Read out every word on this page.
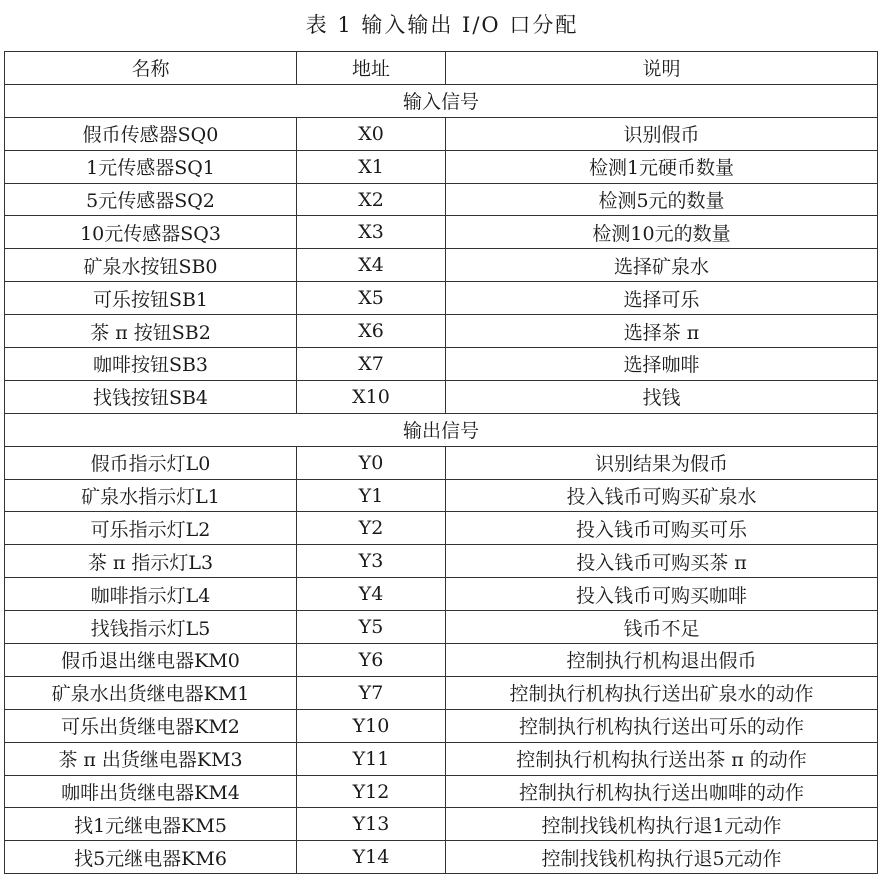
表 1 输入输出 I/O 口分配
名称	地址	说明
输入信号		
假币传感器SQ0	X0	识别假币
1元传感器SQ1	X1	检测1元硬币数量
5元传感器SQ2	X2	检测5元的数量
10元传感器SQ3	X3	检测10元的数量
矿泉水按钮SB0	X4	选择矿泉水
可乐按钮SB1	X5	选择可乐
茶 π 按钮SB2	X6	选择茶 π
咖啡按钮SB3	X7	选择咖啡
找钱按钮SB4	X10	找钱
输出信号		
假币指示灯L0	Y0	识别结果为假币
矿泉水指示灯L1	Y1	投入钱币可购买矿泉水
可乐指示灯L2	Y2	投入钱币可购买可乐
茶 π 指示灯L3	Y3	投入钱币可购买茶 π
咖啡指示灯L4	Y4	投入钱币可购买咖啡
找钱指示灯L5	Y5	钱币不足
假币退出继电器KM0	Y6	控制执行机构退出假币
矿泉水出货继电器KM1	Y7	控制执行机构执行送出矿泉水的动作
可乐出货继电器KM2	Y10	控制执行机构执行送出可乐的动作
茶 π 出货继电器KM3	Y11	控制执行机构执行送出茶 π 的动作
咖啡出货继电器KM4	Y12	控制执行机构执行送出咖啡的动作
找1元继电器KM5	Y13	控制找钱机构执行退1元动作
找5元继电器KM6	Y14	控制找钱机构执行退5元动作
